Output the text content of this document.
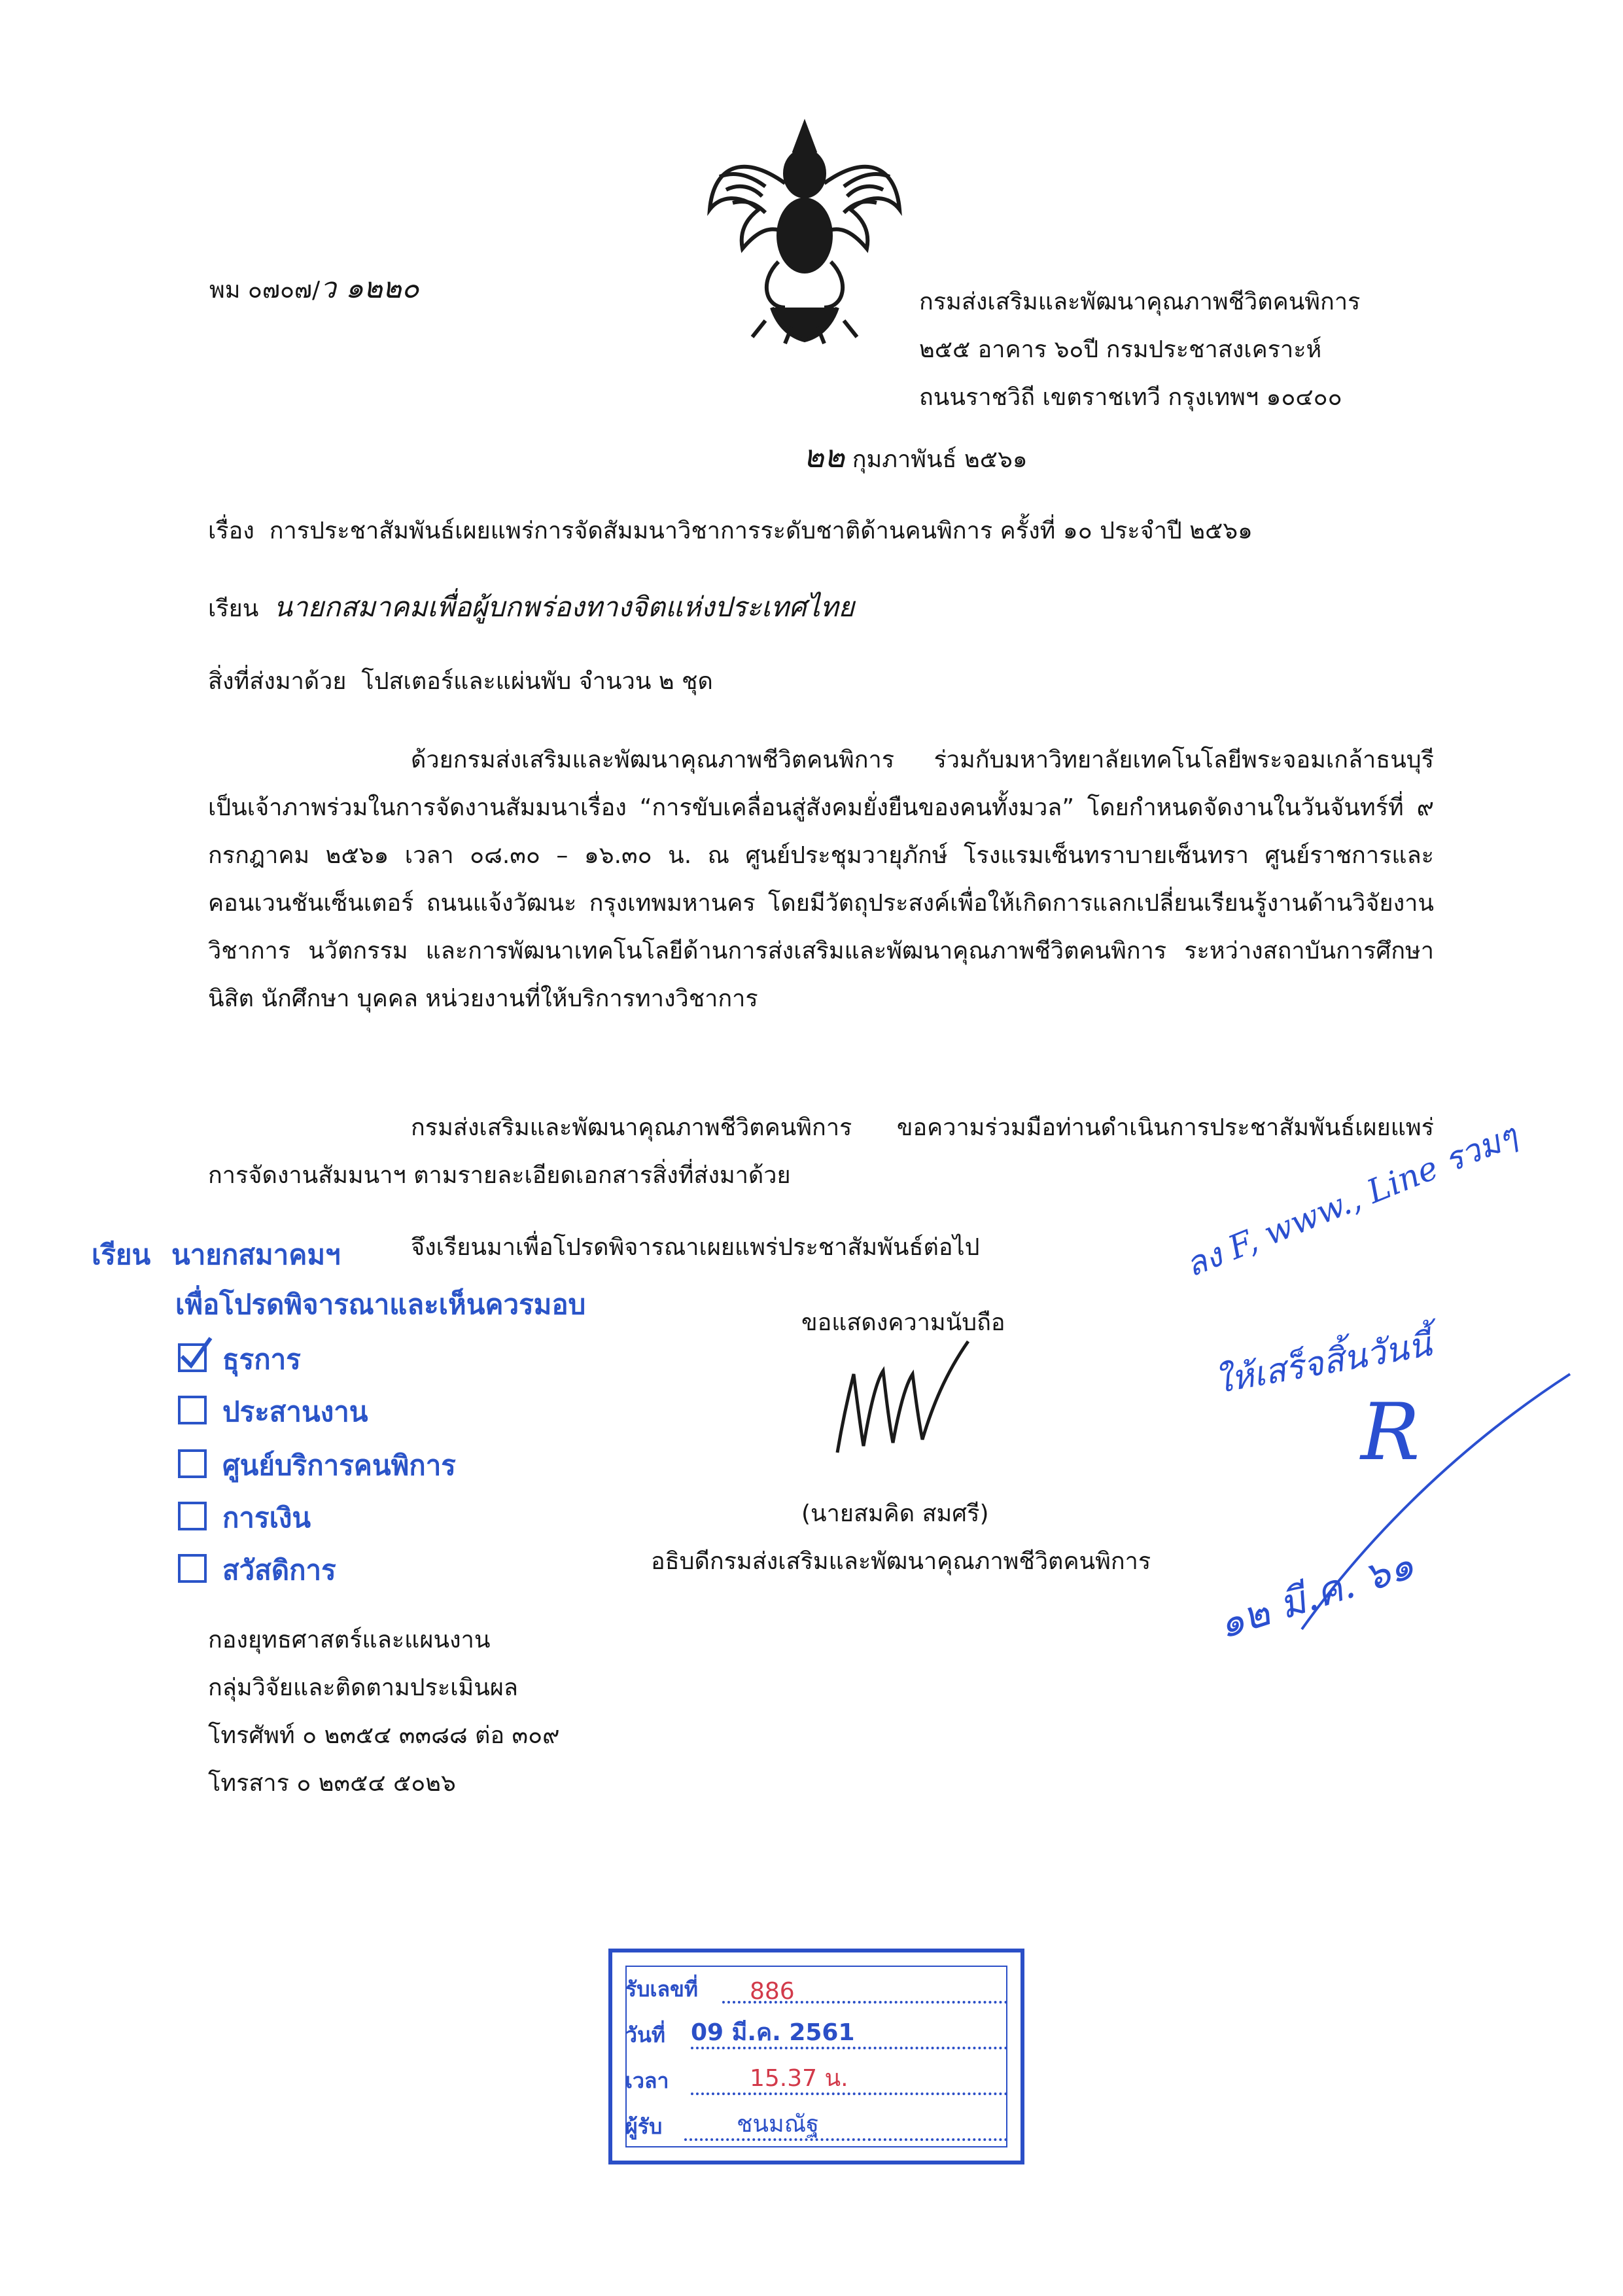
พม ๐๗๐๗/ว ๑๒๒๐	กรมส่งเสริมและพัฒนาคุณภาพชีวิตคนพิการ
๒๕๕ อาคาร ๖๐ปี กรมประชาสงเคราะห์
ถนนราชวิถี เขตราชเทวี กรุงเทพฯ ๑๐๔๐๐
๒๒ กุมภาพันธ์ ๒๕๖๑
เรื่อง การประชาสัมพันธ์เผยแพร่การจัดสัมมนาวิชาการระดับชาติด้านคนพิการ ครั้งที่ ๑๐ ประจำปี ๒๕๖๑
เรียน นายกสมาคมเพื่อผู้บกพร่องทางจิตแห่งประเทศไทย
สิ่งที่ส่งมาด้วย โปสเตอร์และแผ่นพับ จำนวน ๒ ชุด

ด้วยกรมส่งเสริมและพัฒนาคุณภาพชีวิตคนพิการ ร่วมกับมหาวิทยาลัยเทคโนโลยีพระจอมเกล้าธนบุรี เป็นเจ้าภาพร่วมในการจัดงานสัมมนาเรื่อง “การขับเคลื่อนสู่สังคมยั่งยืนของคนทั้งมวล” โดยกำหนดจัดงานในวันจันทร์ที่ ๙ กรกฎาคม ๒๕๖๑ เวลา ๐๘.๓๐ – ๑๖.๓๐ น. ณ ศูนย์ประชุมวายุภักษ์ โรงแรมเซ็นทราบายเซ็นทรา ศูนย์ราชการและคอนเวนชันเซ็นเตอร์ ถนนแจ้งวัฒนะ กรุงเทพมหานคร โดยมีวัตถุประสงค์เพื่อให้เกิดการแลกเปลี่ยนเรียนรู้งานด้านวิจัยงานวิชาการ นวัตกรรม และการพัฒนาเทคโนโลยีด้านการส่งเสริมและพัฒนาคุณภาพชีวิตคนพิการ ระหว่างสถาบันการศึกษา นิสิต นักศึกษา บุคคล หน่วยงานที่ให้บริการทางวิชาการ

กรมส่งเสริมและพัฒนาคุณภาพชีวิตคนพิการ ขอความร่วมมือท่านดำเนินการประชาสัมพันธ์เผยแพร่การจัดงานสัมมนาฯ ตามรายละเอียดเอกสารสิ่งที่ส่งมาด้วย

จึงเรียนมาเพื่อโปรดพิจารณาเผยแพร่ประชาสัมพันธ์ต่อไป

ขอแสดงความนับถือ
(นายสมคิด สมศรี)
อธิบดีกรมส่งเสริมและพัฒนาคุณภาพชีวิตคนพิการ
กองยุทธศาสตร์และแผนงาน
กลุ่มวิจัยและติดตามประเมินผล
โทรศัพท์ ๐ ๒๓๕๔ ๓๓๘๘ ต่อ ๓๐๙
โทรสาร ๐ ๒๓๕๔ ๕๐๒๖
เรียน นายกสมาคมฯ
เพื่อโปรดพิจารณาและเห็นควรมอบ
ธุรการ
ประสานงาน
ศูนย์บริการคนพิการ
การเงิน
สวัสดิการ
ลง F, www., Line รวมๆ
ให้เสร็จสิ้นวันนี้
R
๑๒ มี.ค. ๖๑
รับเลขที่ 886
วันที่ 09 มี.ค. 2561
เวลา	15.37 น.
ผู้รับ	ชนมณัฐ
